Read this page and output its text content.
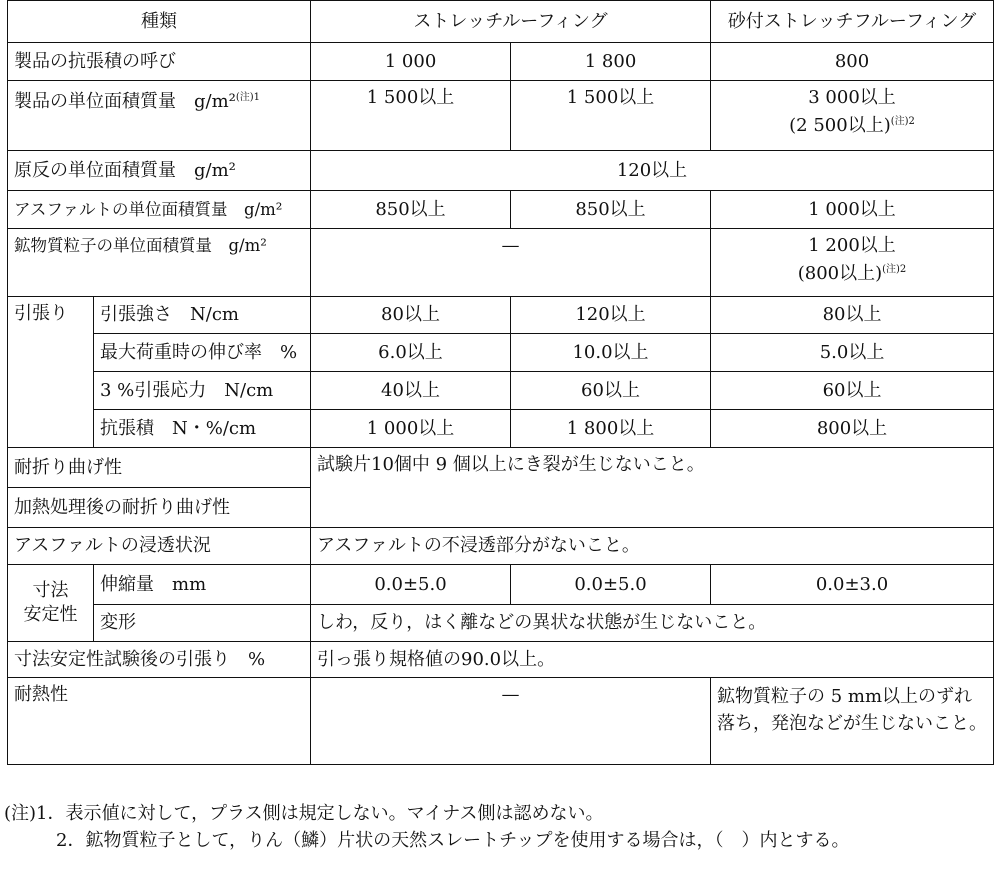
種類		ストレッチルーフィング		砂付ストレッチフルーフィング
製品の抗張積の呼び		1 000	1 800	800
製品の単位面積質量　g/m²$^{(注)1}$		1 500以上	1 500以上	3 000以上
(2 500以上)$^{(注)2}$

原反の単位面積質量　g/m²		120以上		
アスファルトの単位面積質量　g/m²		850以上	850以上	1 000以上
鉱物質粒子の単位面積質量　g/m²		—		1 200以上
(800以上)$^{(注)2}$

引張り	引張強さ　N/cm	80以上	120以上	80以上
	最大荷重時の伸び率　%	6.0以上	10.0以上	5.0以上
	3 %引張応力　N/cm	40以上	60以上	60以上
	抗張積　N・%/cm	1 000以上	1 800以上	800以上
耐折り曲げ性		試験片10個中 9 個以上にき裂が生じないこと。		
加熱処理後の耐折り曲げ性				
アスファルトの浸透状況		アスファルトの不浸透部分がないこと。		

寸法
安定性	伸縮量　mm	0.0±5.0	0.0±5.0	0.0±3.0
	変形	しわ，反り，はく離などの異状な状態が生じないこと。		
寸法安定性試験後の引張り　%		引っ張り規格値の90.0以上。		
耐熱性		—		鉱物質粒子の 5 mm以上のずれ落ち，発泡などが生じないこと。
(注)1．表示値に対して，プラス側は規定しない。マイナス側は認めない。
2．鉱物質粒子として，りん（鱗）片状の天然スレートチップを使用する場合は，（　）内とする。
